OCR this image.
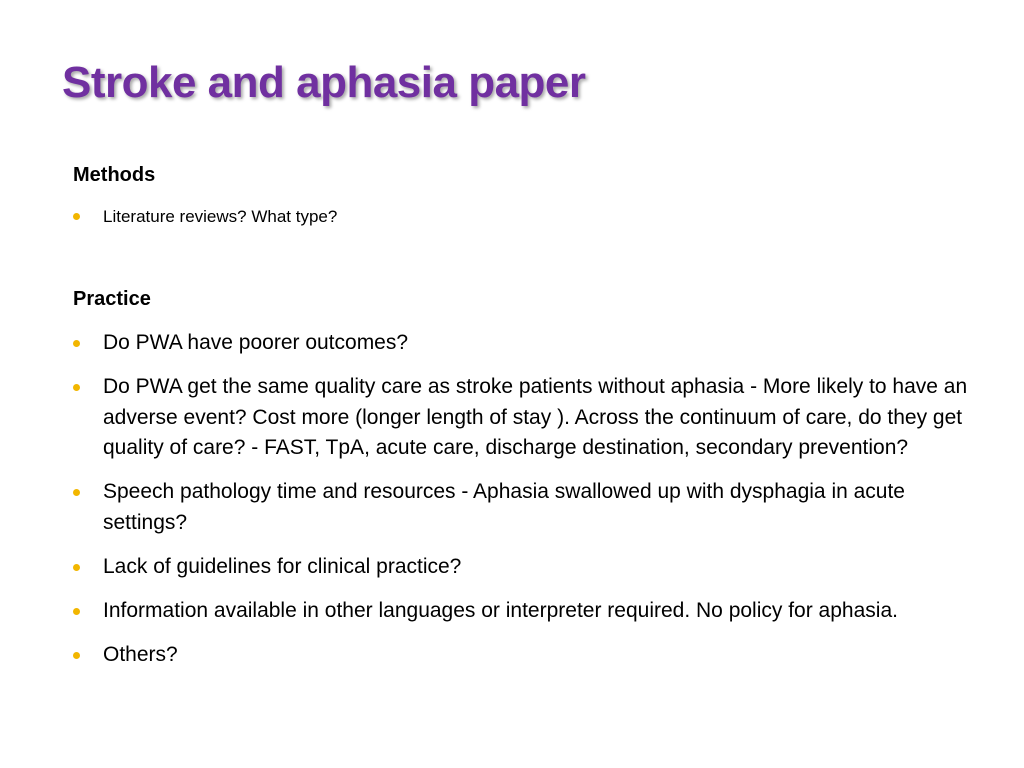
Stroke and aphasia paper
Methods
Literature reviews? What type?
Practice
Do PWA have poorer outcomes?
Do PWA get the same quality care as stroke patients without aphasia - More likely to have an adverse event? Cost more (longer length of stay ). Across the continuum of care, do they get quality of care? - FAST, TpA, acute care, discharge destination, secondary prevention?
Speech pathology time and resources - Aphasia swallowed up with dysphagia in acute settings?
Lack of guidelines for clinical practice?
Information available in other languages or interpreter required. No policy for aphasia.
Others?
